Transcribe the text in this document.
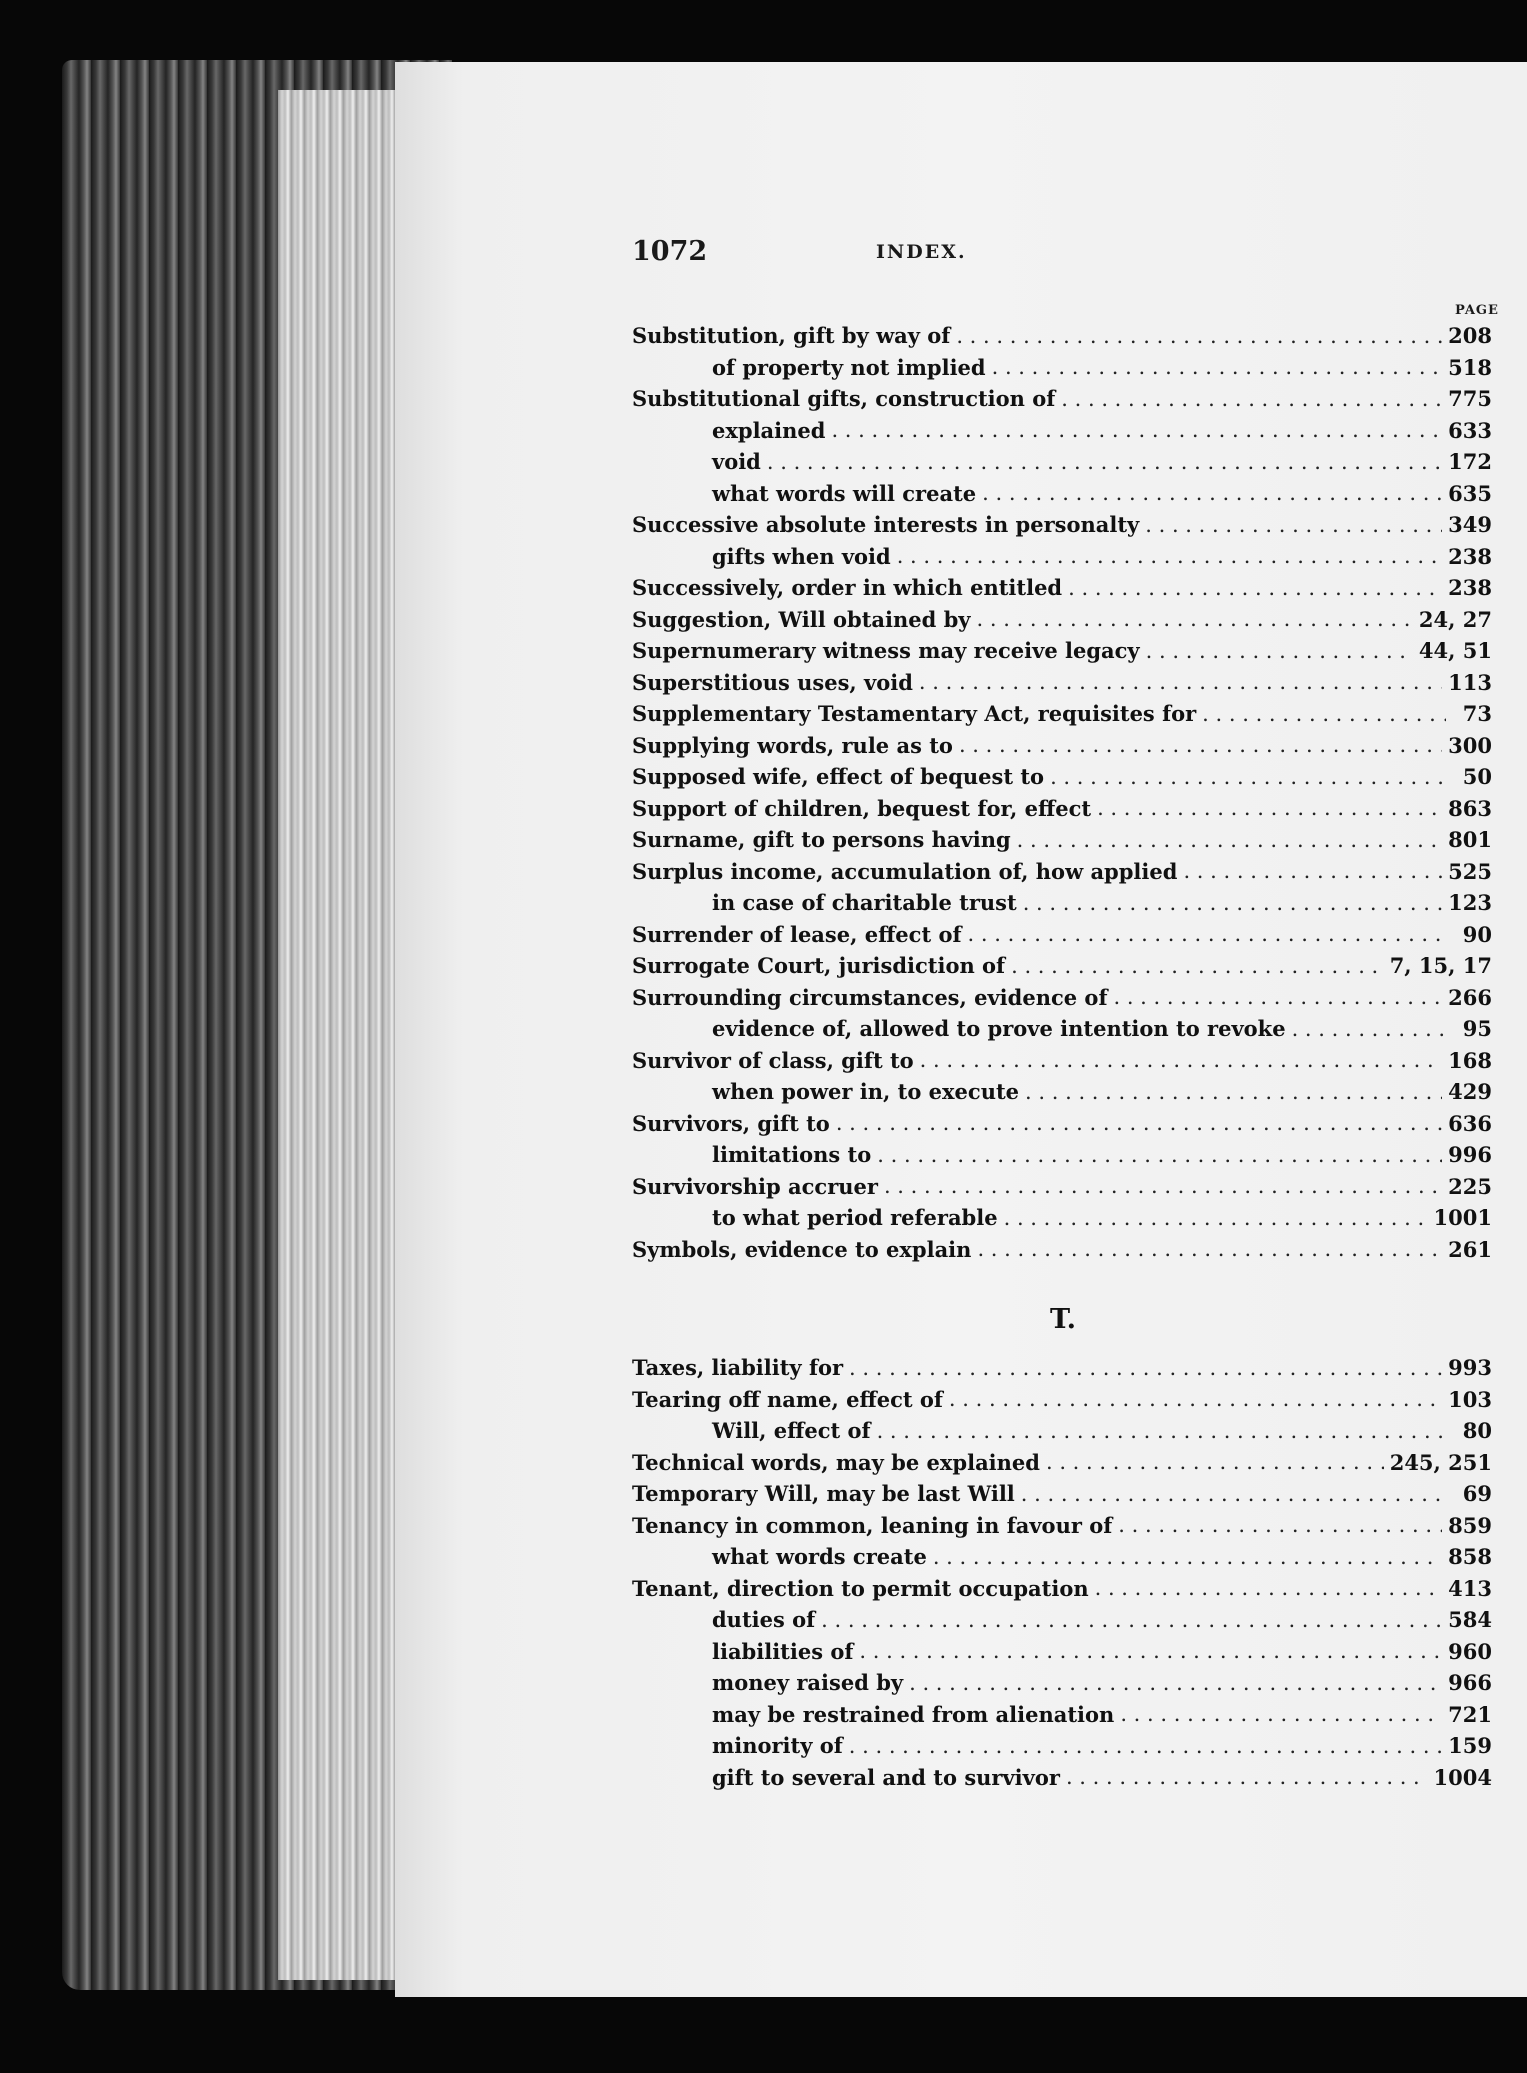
1072	INDEX.
PAGE
Substitution, gift by way of . . .	208
of property not implied . . .	518
Substitutional gifts, construction of . . .	775
explained . . .	633
void . . .	172
what words will create . . .	635
Successive absolute interests in personalty . . .	349
gifts when void . . .	238
Successively, order in which entitled . . .	238
Suggestion, Will obtained by . . .	24, 27
Supernumerary witness may receive legacy . . .	44, 51
Superstitious uses, void . . .	113
Supplementary Testamentary Act, requisites for . . .	73
Supplying words, rule as to . . .	300
Supposed wife, effect of bequest to . . .	50
Support of children, bequest for, effect . . .	863
Surname, gift to persons having . . .	801
Surplus income, accumulation of, how applied . . .	525
in case of charitable trust . . .	123
Surrender of lease, effect of . . .	90
Surrogate Court, jurisdiction of . . .	7, 15, 17
Surrounding circumstances, evidence of . . .	266
evidence of, allowed to prove intention to revoke . . .	95
Survivor of class, gift to . . .	168
when power in, to execute . . .	429
Survivors, gift to . . .	636
limitations to . . .	996
Survivorship accruer . . .	225
to what period referable . . .	1001
Symbols, evidence to explain . . .	261
T.
Taxes, liability for . . .	993
Tearing off name, effect of . . .	103
Will, effect of . . .	80
Technical words, may be explained . . .	245, 251
Temporary Will, may be last Will . . .	69
Tenancy in common, leaning in favour of . . .	859
what words create . . .	858
Tenant, direction to permit occupation . . .	413
duties of . . .	584
liabilities of . . .	960
money raised by . . .	966
may be restrained from alienation . . .	721
minority of . . .	159
gift to several and to survivor . . .	1004
